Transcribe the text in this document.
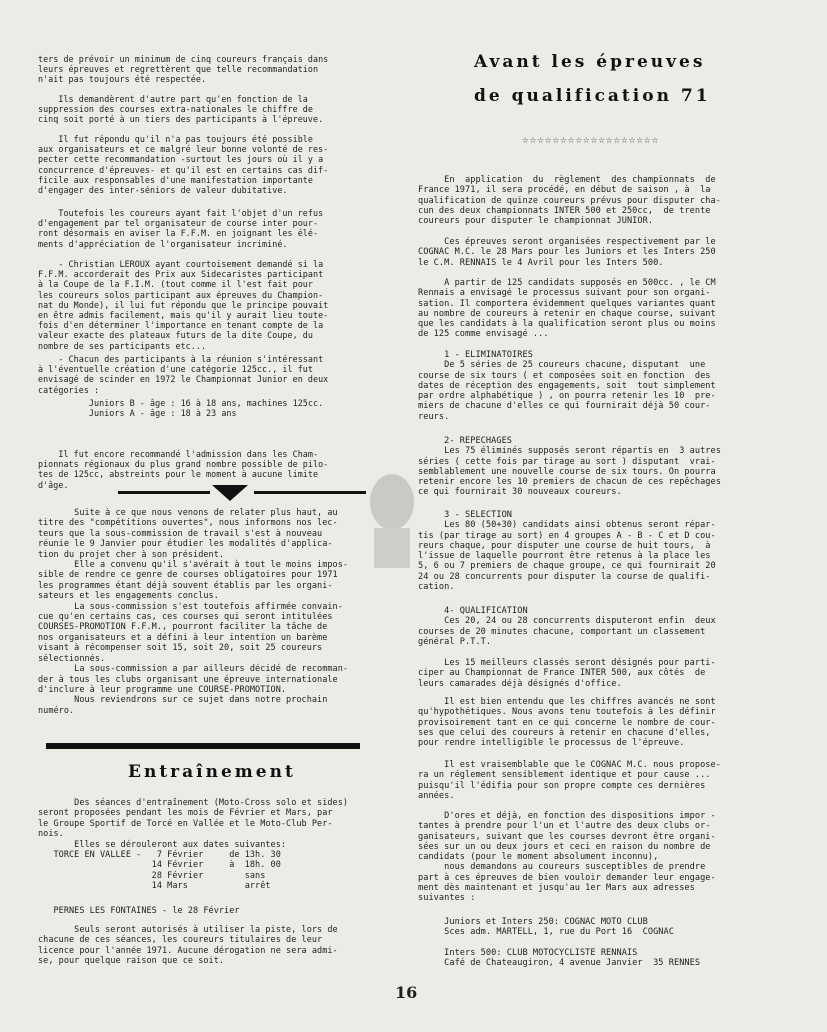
ters de prévoir un minimum de cinq coureurs français dans
leurs épreuves et regrettèrent que telle recommandation
n'ait pas toujours été respectée.

Ils demandèrent d'autre part qu'en fonction de la
suppression des courses extra-nationales le chiffre de
cinq soit porté à un tiers des participants à l'épreuve.

Il fut répondu qu'il n'a pas toujours été possible
aux organisateurs et ce malgré leur bonne volonté de res-
pecter cette recommandation -surtout les jours où il y a
concurrence d'épreuves- et qu'il est en certains cas dif-
ficile aux responsables d'une manifestation importante
d'engager des inter-séniors de valeur dubitative.

Toutefois les coureurs ayant fait l'objet d'un refus
d'engagement par tel organisateur de course inter pour-
ront désormais en aviser la F.F.M. en joignant les élé-
ments d'appréciation de l'organisateur incriminé.

- Christian LEROUX ayant courtoisement demandé si la
F.F.M. accorderait des Prix aux Sidecaristes participant
à la Coupe de la F.I.M. (tout comme il l'est fait pour
les coureurs solos participant aux épreuves du Champion-
nat du Monde), il lui fut répondu que le principe pouvait
en être admis facilement, mais qu'il y aurait lieu toute-
fois d'en déterminer l'importance en tenant compte de la
valeur exacte des plateaux futurs de la dite Coupe, du
nombre de ses participants etc...

- Chacun des participants à la réunion s'intéressant
à l'éventuelle création d'une catégorie 125cc., il fut
envisagé de scinder en 1972 le Championnat Junior en deux
catégories :

Juniors B - âge : 16 à 18 ans, machines 125cc.
Juniors A - âge : 18 à 23 ans

Il fut encore recommandé l'admission dans les Cham-
pionnats régionaux du plus grand nombre possible de pilo-
tes de 125cc, abstreints pour le moment à aucune limite
d'âge.

Suite à ce que nous venons de relater plus haut, au
titre des "compétitions ouvertes", nous informons nos lec-
teurs que la sous-commission de travail s'est à nouveau
réunie le 9 Janvier pour étudier les modalités d'applica-
tion du projet cher à son président.
Elle a convenu qu'il s'avérait à tout le moins impos-
sible de rendre ce genre de courses obligatoires pour 1971
les programmes étant déjà souvent établis par les organi-
sateurs et les engagements conclus.
La sous-commission s'est toutefois affirmée convain-
cue qu'en certains cas, ces courses qui seront intitulées
COURSES-PROMOTION F.F.M., pourront faciliter la tâche de
nos organisateurs et a défini à leur intention un barème
visant à récompenser soit 15, soit 20, soit 25 coureurs
sélectionnés.
La sous-commission a par ailleurs décidé de recomman-
der à tous les clubs organisant une épreuve internationale
d'inclure à leur programme une COURSE-PROMOTION.
Nous reviendrons sur ce sujet dans notre prochain
numéro.

Entraînement

Des séances d'entraînement (Moto-Cross solo et sides)
seront proposées pendant les mois de Février et Mars, par
le Groupe Sportif de Torcé en Vallée et le Moto-Club Per-
nois.
Elles se dérouleront aux dates suivantes:
TORCE EN VALLEE -   7 Février     de 13h. 30
14 Février     à  18h. 00
28 Février        sans
14 Mars           arrêt

PERNES LES FONTAINES - le 28 Février

Seuls seront autorisés à utiliser la piste, lors de
chacune de ces séances, les coureurs titulaires de leur
licence pour l'année 1971. Aucune dérogation ne sera admi-
se, pour quelque raison que ce soit.

Avant les épreuves
de qualification 71
☆☆☆☆☆☆☆☆☆☆☆☆☆☆☆☆☆☆

En  application  du  règlement  des championnats  de
France 1971, il sera procédé, en début de saison , à  la
qualification de quinze coureurs prévus pour disputer cha-
cun des deux championnats INTER 500 et 250cc,  de trente
coureurs pour disputer le championnat JUNIOR.

Ces épreuves seront organisées respectivement par le
COGNAC M.C. le 28 Mars pour les Juniors et les Inters 250
le C.M. RENNAIS le 4 Avril pour les Inters 500.

A partir de 125 candidats supposés en 500cc. , le CM
Rennais a envisagé le processus suivant pour son organi-
sation. Il comportera évidemment quelques variantes quant
au nombre de coureurs à retenir en chaque course, suivant
que les candidats à la qualification seront plus ou moins
de 125 comme envisagé ...

1 - ELIMINATOIRES
De 5 séries de 25 coureurs chacune, disputant  une
course de six tours ( et composées soit en fonction  des
dates de réception des engagements, soit  tout simplement
par ordre alphabétique ) , on pourra retenir les 10  pre-
miers de chacune d'elles ce qui fournirait déjà 50 cour-
reurs.

2- REPECHAGES
Les 75 éliminés supposés seront répartis en  3 autres
séries ( cette fois par tirage au sort ) disputant  vrai-
semblablement une nouvelle course de six tours. On pourra
retenir encore les 10 premiers de chacun de ces repêchages
ce qui fournirait 30 nouveaux coureurs.

3 - SELECTION
Les 80 (50+30) candidats ainsi obtenus seront répar-
tis (par tirage au sort) en 4 groupes A - B - C et D cou-
reurs chaque, pour disputer une course de huit tours,  à
l'issue de laquelle pourront être retenus à la place les
5, 6 ou 7 premiers de chaque groupe, ce qui fournirait 20
24 ou 28 concurrents pour disputer la course de qualifi-
cation.

4- QUALIFICATION
Ces 20, 24 ou 28 concurrents disputeront enfin  deux
courses de 20 minutes chacune, comportant un classement
général P.T.T.

Les 15 meilleurs classés seront désignés pour parti-
ciper au Championnat de France INTER 500, aux côtés  de
leurs camarades déjà désignés d'office.

Il est bien entendu que les chiffres avancés ne sont
qu'hypothétiques. Nous avons tenu toutefois à les définir
provisoirement tant en ce qui concerne le nombre de cour-
ses que celui des coureurs à retenir en chacune d'elles,
pour rendre intelligible le processus de l'épreuve.

Il est vraisemblable que le COGNAC M.C. nous propose-
ra un réglement sensiblement identique et pour cause ...
puisqu'il l'édifia pour son propre compte ces dernières
années.

D'ores et déjà, en fonction des dispositions impor -
tantes à prendre pour l'un et l'autre des deux clubs or-
ganisateurs, suivant que les courses devront être organi-
sées sur un ou deux jours et ceci en raison du nombre de
candidats (pour le moment absolument inconnu),
nous demandons au coureurs susceptibles de prendre
part à ces épreuves de bien vouloir demander leur engage-
ment dès maintenant et jusqu'au 1er Mars aux adresses
suivantes :

Juniors et Inters 250: COGNAC MOTO CLUB
Sces adm. MARTELL, 1, rue du Port 16  COGNAC

Inters 500: CLUB MOTOCYCLISTE RENNAIS
Café de Chateaugiron, 4 avenue Janvier  35 RENNES

16
